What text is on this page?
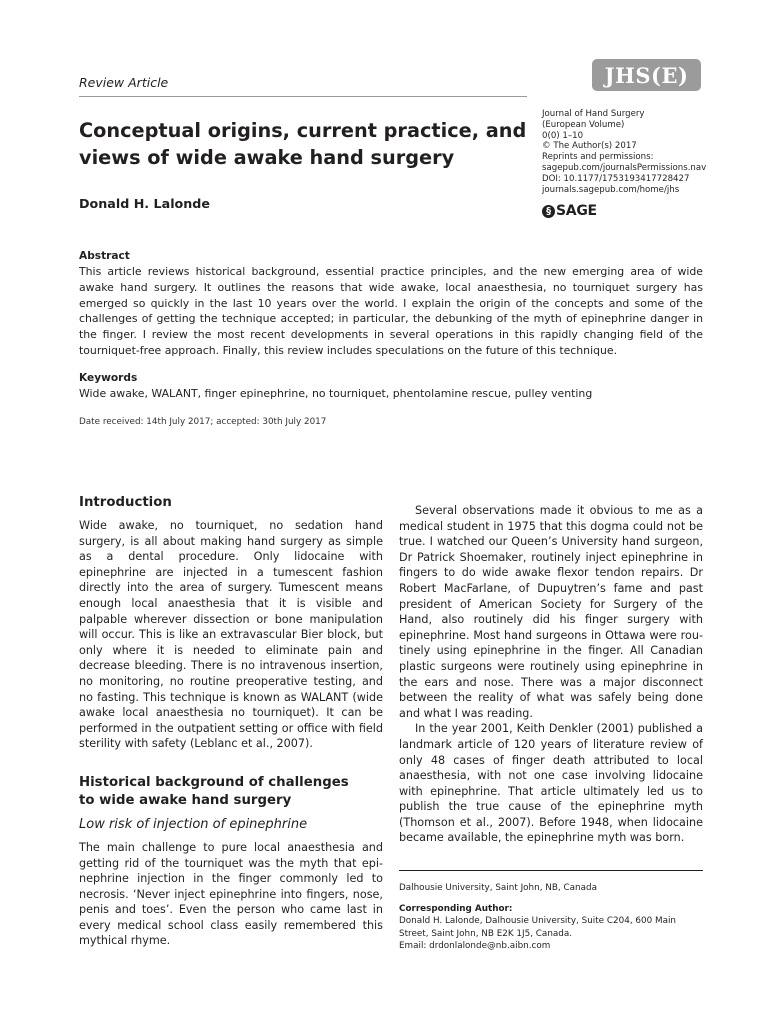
Review Article	JHS(E)
Journal of Hand Surgery
(European Volume)
0(0) 1–10
© The Author(s) 2017
Reprints and permissions:
sagepub.com/journalsPermissions.nav
DOI: 10.1177/1753193417728427
journals.sagepub.com/home/jhs
§ SAGE
Conceptual origins, current practice, and views of wide awake hand surgery
Donald H. Lalonde
Abstract

This article reviews historical background, essential practice principles, and the new emerging area of wide awake hand surgery. It outlines the reasons that wide awake, local anaesthesia, no tourniquet surgery has emerged so quickly in the last 10 years over the world. I explain the origin of the concepts and some of the challenges of getting the technique accepted; in particular, the debunking of the myth of epinephrine danger in the finger. I review the most recent developments in several operations in this rapidly changing field of the tourniquet-free approach. Finally, this review includes speculations on the future of this technique.

Keywords

Wide awake, WALANT, finger epinephrine, no tourniquet, phentolamine rescue, pulley venting

Date received: 14th July 2017; accepted: 30th July 2017
Introduction

Wide awake, no tourniquet, no sedation hand surgery, is all about making hand surgery as simple as a dental procedure. Only lidocaine with epinephrine are injected in a tumescent fashion directly into the area of surgery. Tumescent means enough local anaesthesia that it is visible and palpable wherever dissection or bone manipulation will occur. This is like an extravascular Bier block, but only where it is needed to eliminate pain and decrease bleeding. There is no intravenous insertion, no monitoring, no routine preoperative testing, and no fasting. This technique is known as WALANT (wide awake local anaesthesia no tourniquet). It can be performed in the outpatient setting or office with field sterility with safety (Leblanc et al., 2007).

Historical background of challenges
to wide awake hand surgery
Low risk of injection of epinephrine

The main challenge to pure local anaesthesia and getting rid of the tourniquet was the myth that epinephrine injection in the finger commonly led to necrosis. ‘Never inject epinephrine into fingers, nose, penis and toes’. Even the person who came last in every medical school class easily remembered this mythical rhyme.

Several observations made it obvious to me as a medical student in 1975 that this dogma could not be true. I watched our Queen’s University hand surgeon, Dr Patrick Shoemaker, routinely inject epinephrine in fingers to do wide awake flexor tendon repairs. Dr Robert MacFarlane, of Dupuytren’s fame and past president of American Society for Surgery of the Hand, also routinely did his finger surgery with epinephrine. Most hand surgeons in Ottawa were routinely using epinephrine in the finger. All Canadian plastic surgeons were routinely using epinephrine in the ears and nose. There was a major disconnect between the reality of what was safely being done and what I was reading.

In the year 2001, Keith Denkler (2001) published a landmark article of 120 years of literature review of only 48 cases of finger death attributed to local anaesthesia, with not one case involving lidocaine with epinephrine. That article ultimately led us to publish the true cause of the epinephrine myth (Thomson et al., 2007). Before 1948, when lidocaine became available, the epinephrine myth was born.

Dalhousie University, Saint John, NB, Canada

Corresponding Author:

Donald H. Lalonde, Dalhousie University, Suite C204, 600 Main Street, Saint John, NB E2K 1J5, Canada.

Email: drdonlalonde@nb.aibn.com
